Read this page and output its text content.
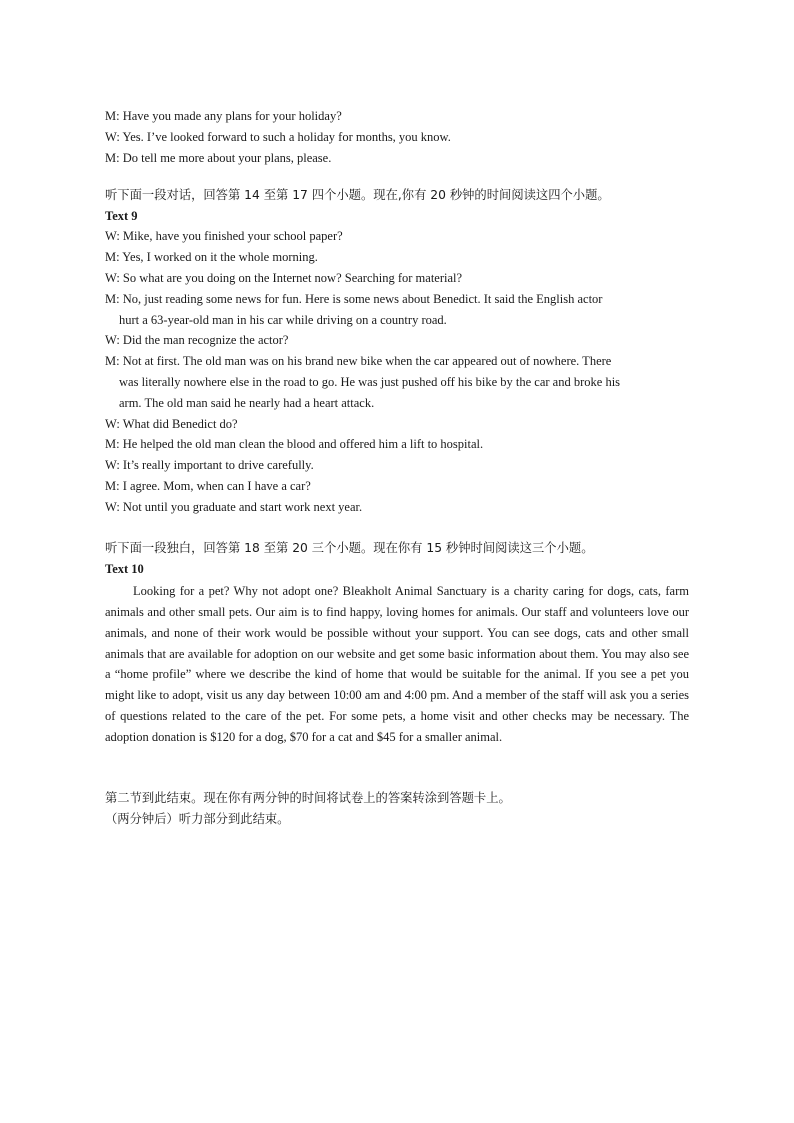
M: Have you made any plans for your holiday?
W: Yes. I’ve looked forward to such a holiday for months, you know.
M: Do tell me more about your plans, please.
听下面一段对话，回答第 14 至第 17 四个小题。现在,你有 20 秒钟的时间阅读这四个小题。
Text 9
W: Mike, have you finished your school paper?
M: Yes, I worked on it the whole morning.
W: So what are you doing on the Internet now? Searching for material?
M: No, just reading some news for fun. Here is some news about Benedict. It said the English actor
hurt a 63-year-old man in his car while driving on a country road.
W: Did the man recognize the actor?
M: Not at first. The old man was on his brand new bike when the car appeared out of nowhere. There
was literally nowhere else in the road to go. He was just pushed off his bike by the car and broke his
arm. The old man said he nearly had a heart attack.
W: What did Benedict do?
M: He helped the old man clean the blood and offered him a lift to hospital.
W: It’s really important to drive carefully.
M: I agree. Mom, when can I have a car?
W: Not until you graduate and start work next year.
听下面一段独白，回答第 18 至第 20 三个小题。现在你有 15 秒钟时间阅读这三个小题。
Text 10
Looking for a pet? Why not adopt one? Bleakholt Animal Sanctuary is a charity caring for dogs, cats, farm animals and other small pets. Our aim is to find happy, loving homes for animals. Our staff and volunteers love our animals, and none of their work would be possible without your support. You can see dogs, cats and other small animals that are available for adoption on our website and get some basic information about them. You may also see a “home profile” where we describe the kind of home that would be suitable for the animal. If you see a pet you might like to adopt, visit us any day between 10:00 am and 4:00 pm. And a member of the staff will ask you a series of questions related to the care of the pet. For some pets, a home visit and other checks may be necessary. The adoption donation is $120 for a dog, $70 for a cat and $45 for a smaller animal.
第二节到此结束。现在你有两分钟的时间将试卷上的答案转涂到答题卡上。
（两分钟后）听力部分到此结束。
